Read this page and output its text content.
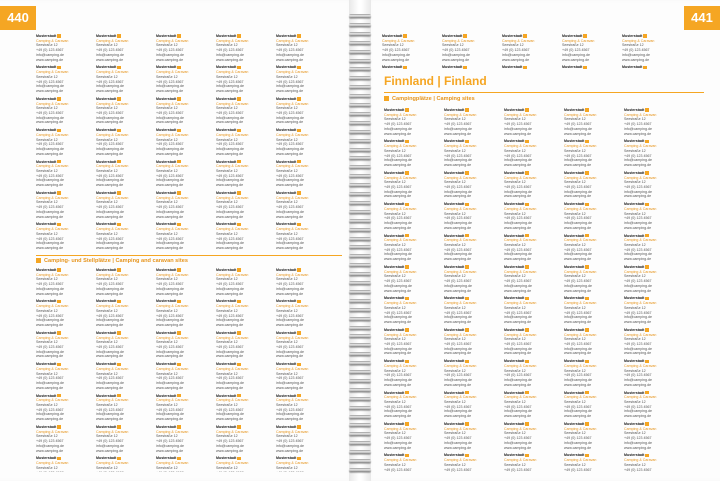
440
Musterstadt
Camping & Caravan
Seestraße 12
+49 (0) 123 4567
info@camping.de
www.camping.de
Musterstadt
Camping & Caravan
Seestraße 12
+49 (0) 123 4567
info@camping.de
www.camping.de
Musterstadt
Camping & Caravan
Seestraße 12
+49 (0) 123 4567
info@camping.de
www.camping.de
Musterstadt
Camping & Caravan
Seestraße 12
+49 (0) 123 4567
info@camping.de
www.camping.de
Musterstadt
Camping & Caravan
Seestraße 12
+49 (0) 123 4567
info@camping.de
www.camping.de
Musterstadt
Camping & Caravan
Seestraße 12
+49 (0) 123 4567
info@camping.de
www.camping.de
Musterstadt
Camping & Caravan
Seestraße 12
+49 (0) 123 4567
info@camping.de
www.camping.de
Musterstadt
Camping & Caravan
Seestraße 12
+49 (0) 123 4567
info@camping.de
www.camping.de
Musterstadt
Camping & Caravan
Seestraße 12
+49 (0) 123 4567
info@camping.de
www.camping.de
Musterstadt
Camping & Caravan
Seestraße 12
+49 (0) 123 4567
info@camping.de
www.camping.de
Musterstadt
Camping & Caravan
Seestraße 12
+49 (0) 123 4567
info@camping.de
www.camping.de
Musterstadt
Camping & Caravan
Seestraße 12
+49 (0) 123 4567
info@camping.de
www.camping.de
Musterstadt
Camping & Caravan
Seestraße 12
+49 (0) 123 4567
info@camping.de
www.camping.de
Musterstadt
Camping & Caravan
Seestraße 12
+49 (0) 123 4567
info@camping.de
www.camping.de
Musterstadt
Camping & Caravan
Seestraße 12
+49 (0) 123 4567
info@camping.de
www.camping.de
Musterstadt
Camping & Caravan
Seestraße 12
+49 (0) 123 4567
info@camping.de
www.camping.de
Musterstadt
Camping & Caravan
Seestraße 12
+49 (0) 123 4567
info@camping.de
www.camping.de
Musterstadt
Camping & Caravan
Seestraße 12
+49 (0) 123 4567
info@camping.de
www.camping.de
Musterstadt
Camping & Caravan
Seestraße 12
+49 (0) 123 4567
info@camping.de
www.camping.de
Musterstadt
Camping & Caravan
Seestraße 12
+49 (0) 123 4567
info@camping.de
www.camping.de
Musterstadt
Camping & Caravan
Seestraße 12
+49 (0) 123 4567
info@camping.de
www.camping.de
Musterstadt
Camping & Caravan
Seestraße 12
+49 (0) 123 4567
info@camping.de
www.camping.de
Musterstadt
Camping & Caravan
Seestraße 12
+49 (0) 123 4567
info@camping.de
www.camping.de
Musterstadt
Camping & Caravan
Seestraße 12
+49 (0) 123 4567
info@camping.de
www.camping.de
Musterstadt
Camping & Caravan
Seestraße 12
+49 (0) 123 4567
info@camping.de
www.camping.de
Musterstadt
Camping & Caravan
Seestraße 12
+49 (0) 123 4567
info@camping.de
www.camping.de
Musterstadt
Camping & Caravan
Seestraße 12
+49 (0) 123 4567
info@camping.de
www.camping.de
Musterstadt
Camping & Caravan
Seestraße 12
+49 (0) 123 4567
info@camping.de
www.camping.de
Musterstadt
Camping & Caravan
Seestraße 12
+49 (0) 123 4567
info@camping.de
www.camping.de
Musterstadt
Camping & Caravan
Seestraße 12
+49 (0) 123 4567
info@camping.de
www.camping.de
Musterstadt
Camping & Caravan
Seestraße 12
+49 (0) 123 4567
info@camping.de
www.camping.de
Musterstadt
Camping & Caravan
Seestraße 12
+49 (0) 123 4567
info@camping.de
www.camping.de
Musterstadt
Camping & Caravan
Seestraße 12
+49 (0) 123 4567
info@camping.de
www.camping.de
Musterstadt
Camping & Caravan
Seestraße 12
+49 (0) 123 4567
info@camping.de
www.camping.de
Musterstadt
Camping & Caravan
Seestraße 12
+49 (0) 123 4567
info@camping.de
www.camping.de
Camping- und Stellplätze | Camping and caravan sites
Musterstadt
Camping & Caravan
Seestraße 12
+49 (0) 123 4567
info@camping.de
www.camping.de
Musterstadt
Camping & Caravan
Seestraße 12
+49 (0) 123 4567
info@camping.de
www.camping.de
Musterstadt
Camping & Caravan
Seestraße 12
+49 (0) 123 4567
info@camping.de
www.camping.de
Musterstadt
Camping & Caravan
Seestraße 12
+49 (0) 123 4567
info@camping.de
www.camping.de
Musterstadt
Camping & Caravan
Seestraße 12
+49 (0) 123 4567
info@camping.de
www.camping.de
Musterstadt
Camping & Caravan
Seestraße 12
+49 (0) 123 4567
info@camping.de
www.camping.de
Musterstadt
Camping & Caravan
Seestraße 12
Musterstadt
Camping & Caravan
Seestraße 12
+49 (0) 123 4567
info@camping.de
www.camping.de
Musterstadt
Camping & Caravan
Seestraße 12
+49 (0) 123 4567
info@camping.de
www.camping.de
Musterstadt
Camping & Caravan
Seestraße 12
+49 (0) 123 4567
info@camping.de
www.camping.de
Musterstadt
Camping & Caravan
Seestraße 12
+49 (0) 123 4567
info@camping.de
www.camping.de
Musterstadt
Camping & Caravan
Seestraße 12
+49 (0) 123 4567
info@camping.de
www.camping.de
Musterstadt
Camping & Caravan
Seestraße 12
+49 (0) 123 4567
info@camping.de
www.camping.de
Musterstadt
Camping & Caravan
Seestraße 12
Musterstadt
Camping & Caravan
Seestraße 12
+49 (0) 123 4567
info@camping.de
www.camping.de
Musterstadt
Camping & Caravan
Seestraße 12
+49 (0) 123 4567
info@camping.de
www.camping.de
Musterstadt
Camping & Caravan
Seestraße 12
+49 (0) 123 4567
info@camping.de
www.camping.de
Musterstadt
Camping & Caravan
Seestraße 12
+49 (0) 123 4567
info@camping.de
www.camping.de
Musterstadt
Camping & Caravan
Seestraße 12
+49 (0) 123 4567
info@camping.de
www.camping.de
Musterstadt
Camping & Caravan
Seestraße 12
+49 (0) 123 4567
info@camping.de
www.camping.de
Musterstadt
Camping & Caravan
Seestraße 12
Musterstadt
Camping & Caravan
Seestraße 12
+49 (0) 123 4567
info@camping.de
www.camping.de
Musterstadt
Camping & Caravan
Seestraße 12
+49 (0) 123 4567
info@camping.de
www.camping.de
Musterstadt
Camping & Caravan
Seestraße 12
+49 (0) 123 4567
info@camping.de
www.camping.de
Musterstadt
Camping & Caravan
Seestraße 12
+49 (0) 123 4567
info@camping.de
www.camping.de
Musterstadt
Camping & Caravan
Seestraße 12
+49 (0) 123 4567
info@camping.de
www.camping.de
Musterstadt
Camping & Caravan
Seestraße 12
+49 (0) 123 4567
info@camping.de
www.camping.de
Musterstadt
Camping & Caravan
Seestraße 12
Musterstadt
Camping & Caravan
Seestraße 12
+49 (0) 123 4567
info@camping.de
www.camping.de
Musterstadt
Camping & Caravan
Seestraße 12
+49 (0) 123 4567
info@camping.de
www.camping.de
Musterstadt
Camping & Caravan
Seestraße 12
+49 (0) 123 4567
info@camping.de
www.camping.de
Musterstadt
Camping & Caravan
Seestraße 12
+49 (0) 123 4567
info@camping.de
www.camping.de
Musterstadt
Camping & Caravan
Seestraße 12
+49 (0) 123 4567
info@camping.de
www.camping.de
Musterstadt
Camping & Caravan
Seestraße 12
+49 (0) 123 4567
info@camping.de
www.camping.de
Musterstadt
Camping & Caravan
Seestraße 12
441
Musterstadt
Camping & Caravan
Seestraße 12
+49 (0) 123 4567
info@camping.de
www.camping.de
Musterstadt
Musterstadt
Camping & Caravan
Seestraße 12
+49 (0) 123 4567
info@camping.de
www.camping.de
Musterstadt
Musterstadt
Camping & Caravan
Seestraße 12
+49 (0) 123 4567
info@camping.de
www.camping.de
Musterstadt
Musterstadt
Camping & Caravan
Seestraße 12
+49 (0) 123 4567
info@camping.de
www.camping.de
Musterstadt
Musterstadt
Camping & Caravan
Seestraße 12
+49 (0) 123 4567
info@camping.de
www.camping.de
Musterstadt
Finnland | Finland
Campingplätze | Camping sites
Musterstadt
Camping & Caravan
Seestraße 12
+49 (0) 123 4567
info@camping.de
www.camping.de
Musterstadt
Camping & Caravan
Seestraße 12
+49 (0) 123 4567
info@camping.de
www.camping.de
Musterstadt
Camping & Caravan
Seestraße 12
+49 (0) 123 4567
info@camping.de
www.camping.de
Musterstadt
Camping & Caravan
Seestraße 12
+49 (0) 123 4567
info@camping.de
www.camping.de
Musterstadt
Camping & Caravan
Seestraße 12
+49 (0) 123 4567
info@camping.de
www.camping.de
Musterstadt
Camping & Caravan
Seestraße 12
+49 (0) 123 4567
info@camping.de
www.camping.de
Musterstadt
Camping & Caravan
Seestraße 12
+49 (0) 123 4567
info@camping.de
www.camping.de
Musterstadt
Camping & Caravan
Seestraße 12
+49 (0) 123 4567
info@camping.de
www.camping.de
Musterstadt
Camping & Caravan
Seestraße 12
+49 (0) 123 4567
info@camping.de
www.camping.de
Musterstadt
Camping & Caravan
Seestraße 12
+49 (0) 123 4567
info@camping.de
www.camping.de
Musterstadt
Camping & Caravan
Seestraße 12
+49 (0) 123 4567
info@camping.de
www.camping.de
Musterstadt
Camping & Caravan
Seestraße 12
+49 (0) 123 4567
Musterstadt
Camping & Caravan
Seestraße 12
+49 (0) 123 4567
info@camping.de
www.camping.de
Musterstadt
Camping & Caravan
Seestraße 12
+49 (0) 123 4567
info@camping.de
www.camping.de
Musterstadt
Camping & Caravan
Seestraße 12
+49 (0) 123 4567
info@camping.de
www.camping.de
Musterstadt
Camping & Caravan
Seestraße 12
+49 (0) 123 4567
info@camping.de
www.camping.de
Musterstadt
Camping & Caravan
Seestraße 12
+49 (0) 123 4567
info@camping.de
www.camping.de
Musterstadt
Camping & Caravan
Seestraße 12
+49 (0) 123 4567
info@camping.de
www.camping.de
Musterstadt
Camping & Caravan
Seestraße 12
+49 (0) 123 4567
info@camping.de
www.camping.de
Musterstadt
Camping & Caravan
Seestraße 12
+49 (0) 123 4567
info@camping.de
www.camping.de
Musterstadt
Camping & Caravan
Seestraße 12
+49 (0) 123 4567
info@camping.de
www.camping.de
Musterstadt
Camping & Caravan
Seestraße 12
+49 (0) 123 4567
info@camping.de
www.camping.de
Musterstadt
Camping & Caravan
Seestraße 12
+49 (0) 123 4567
info@camping.de
www.camping.de
Musterstadt
Camping & Caravan
Seestraße 12
+49 (0) 123 4567
Musterstadt
Camping & Caravan
Seestraße 12
+49 (0) 123 4567
info@camping.de
www.camping.de
Musterstadt
Camping & Caravan
Seestraße 12
+49 (0) 123 4567
info@camping.de
www.camping.de
Musterstadt
Camping & Caravan
Seestraße 12
+49 (0) 123 4567
info@camping.de
www.camping.de
Musterstadt
Camping & Caravan
Seestraße 12
+49 (0) 123 4567
info@camping.de
www.camping.de
Musterstadt
Camping & Caravan
Seestraße 12
+49 (0) 123 4567
info@camping.de
www.camping.de
Musterstadt
Camping & Caravan
Seestraße 12
+49 (0) 123 4567
info@camping.de
www.camping.de
Musterstadt
Camping & Caravan
Seestraße 12
+49 (0) 123 4567
info@camping.de
www.camping.de
Musterstadt
Camping & Caravan
Seestraße 12
+49 (0) 123 4567
info@camping.de
www.camping.de
Musterstadt
Camping & Caravan
Seestraße 12
+49 (0) 123 4567
info@camping.de
www.camping.de
Musterstadt
Camping & Caravan
Seestraße 12
+49 (0) 123 4567
info@camping.de
www.camping.de
Musterstadt
Camping & Caravan
Seestraße 12
+49 (0) 123 4567
info@camping.de
www.camping.de
Musterstadt
Camping & Caravan
Seestraße 12
+49 (0) 123 4567
Musterstadt
Camping & Caravan
Seestraße 12
+49 (0) 123 4567
info@camping.de
www.camping.de
Musterstadt
Camping & Caravan
Seestraße 12
+49 (0) 123 4567
info@camping.de
www.camping.de
Musterstadt
Camping & Caravan
Seestraße 12
+49 (0) 123 4567
info@camping.de
www.camping.de
Musterstadt
Camping & Caravan
Seestraße 12
+49 (0) 123 4567
info@camping.de
www.camping.de
Musterstadt
Camping & Caravan
Seestraße 12
+49 (0) 123 4567
info@camping.de
www.camping.de
Musterstadt
Camping & Caravan
Seestraße 12
+49 (0) 123 4567
info@camping.de
www.camping.de
Musterstadt
Camping & Caravan
Seestraße 12
+49 (0) 123 4567
info@camping.de
www.camping.de
Musterstadt
Camping & Caravan
Seestraße 12
+49 (0) 123 4567
info@camping.de
www.camping.de
Musterstadt
Camping & Caravan
Seestraße 12
+49 (0) 123 4567
info@camping.de
www.camping.de
Musterstadt
Camping & Caravan
Seestraße 12
+49 (0) 123 4567
info@camping.de
www.camping.de
Musterstadt
Camping & Caravan
Seestraße 12
+49 (0) 123 4567
info@camping.de
www.camping.de
Musterstadt
Camping & Caravan
Seestraße 12
+49 (0) 123 4567
Musterstadt
Camping & Caravan
Seestraße 12
+49 (0) 123 4567
info@camping.de
www.camping.de
Musterstadt
Camping & Caravan
Seestraße 12
+49 (0) 123 4567
info@camping.de
www.camping.de
Musterstadt
Camping & Caravan
Seestraße 12
+49 (0) 123 4567
info@camping.de
www.camping.de
Musterstadt
Camping & Caravan
Seestraße 12
+49 (0) 123 4567
info@camping.de
www.camping.de
Musterstadt
Camping & Caravan
Seestraße 12
+49 (0) 123 4567
info@camping.de
www.camping.de
Musterstadt
Camping & Caravan
Seestraße 12
+49 (0) 123 4567
info@camping.de
www.camping.de
Musterstadt
Camping & Caravan
Seestraße 12
+49 (0) 123 4567
info@camping.de
www.camping.de
Musterstadt
Camping & Caravan
Seestraße 12
+49 (0) 123 4567
info@camping.de
www.camping.de
Musterstadt
Camping & Caravan
Seestraße 12
+49 (0) 123 4567
info@camping.de
www.camping.de
Musterstadt
Camping & Caravan
Seestraße 12
+49 (0) 123 4567
info@camping.de
www.camping.de
Musterstadt
Camping & Caravan
Seestraße 12
+49 (0) 123 4567
info@camping.de
www.camping.de
Musterstadt
Camping & Caravan
Seestraße 12
+49 (0) 123 4567
